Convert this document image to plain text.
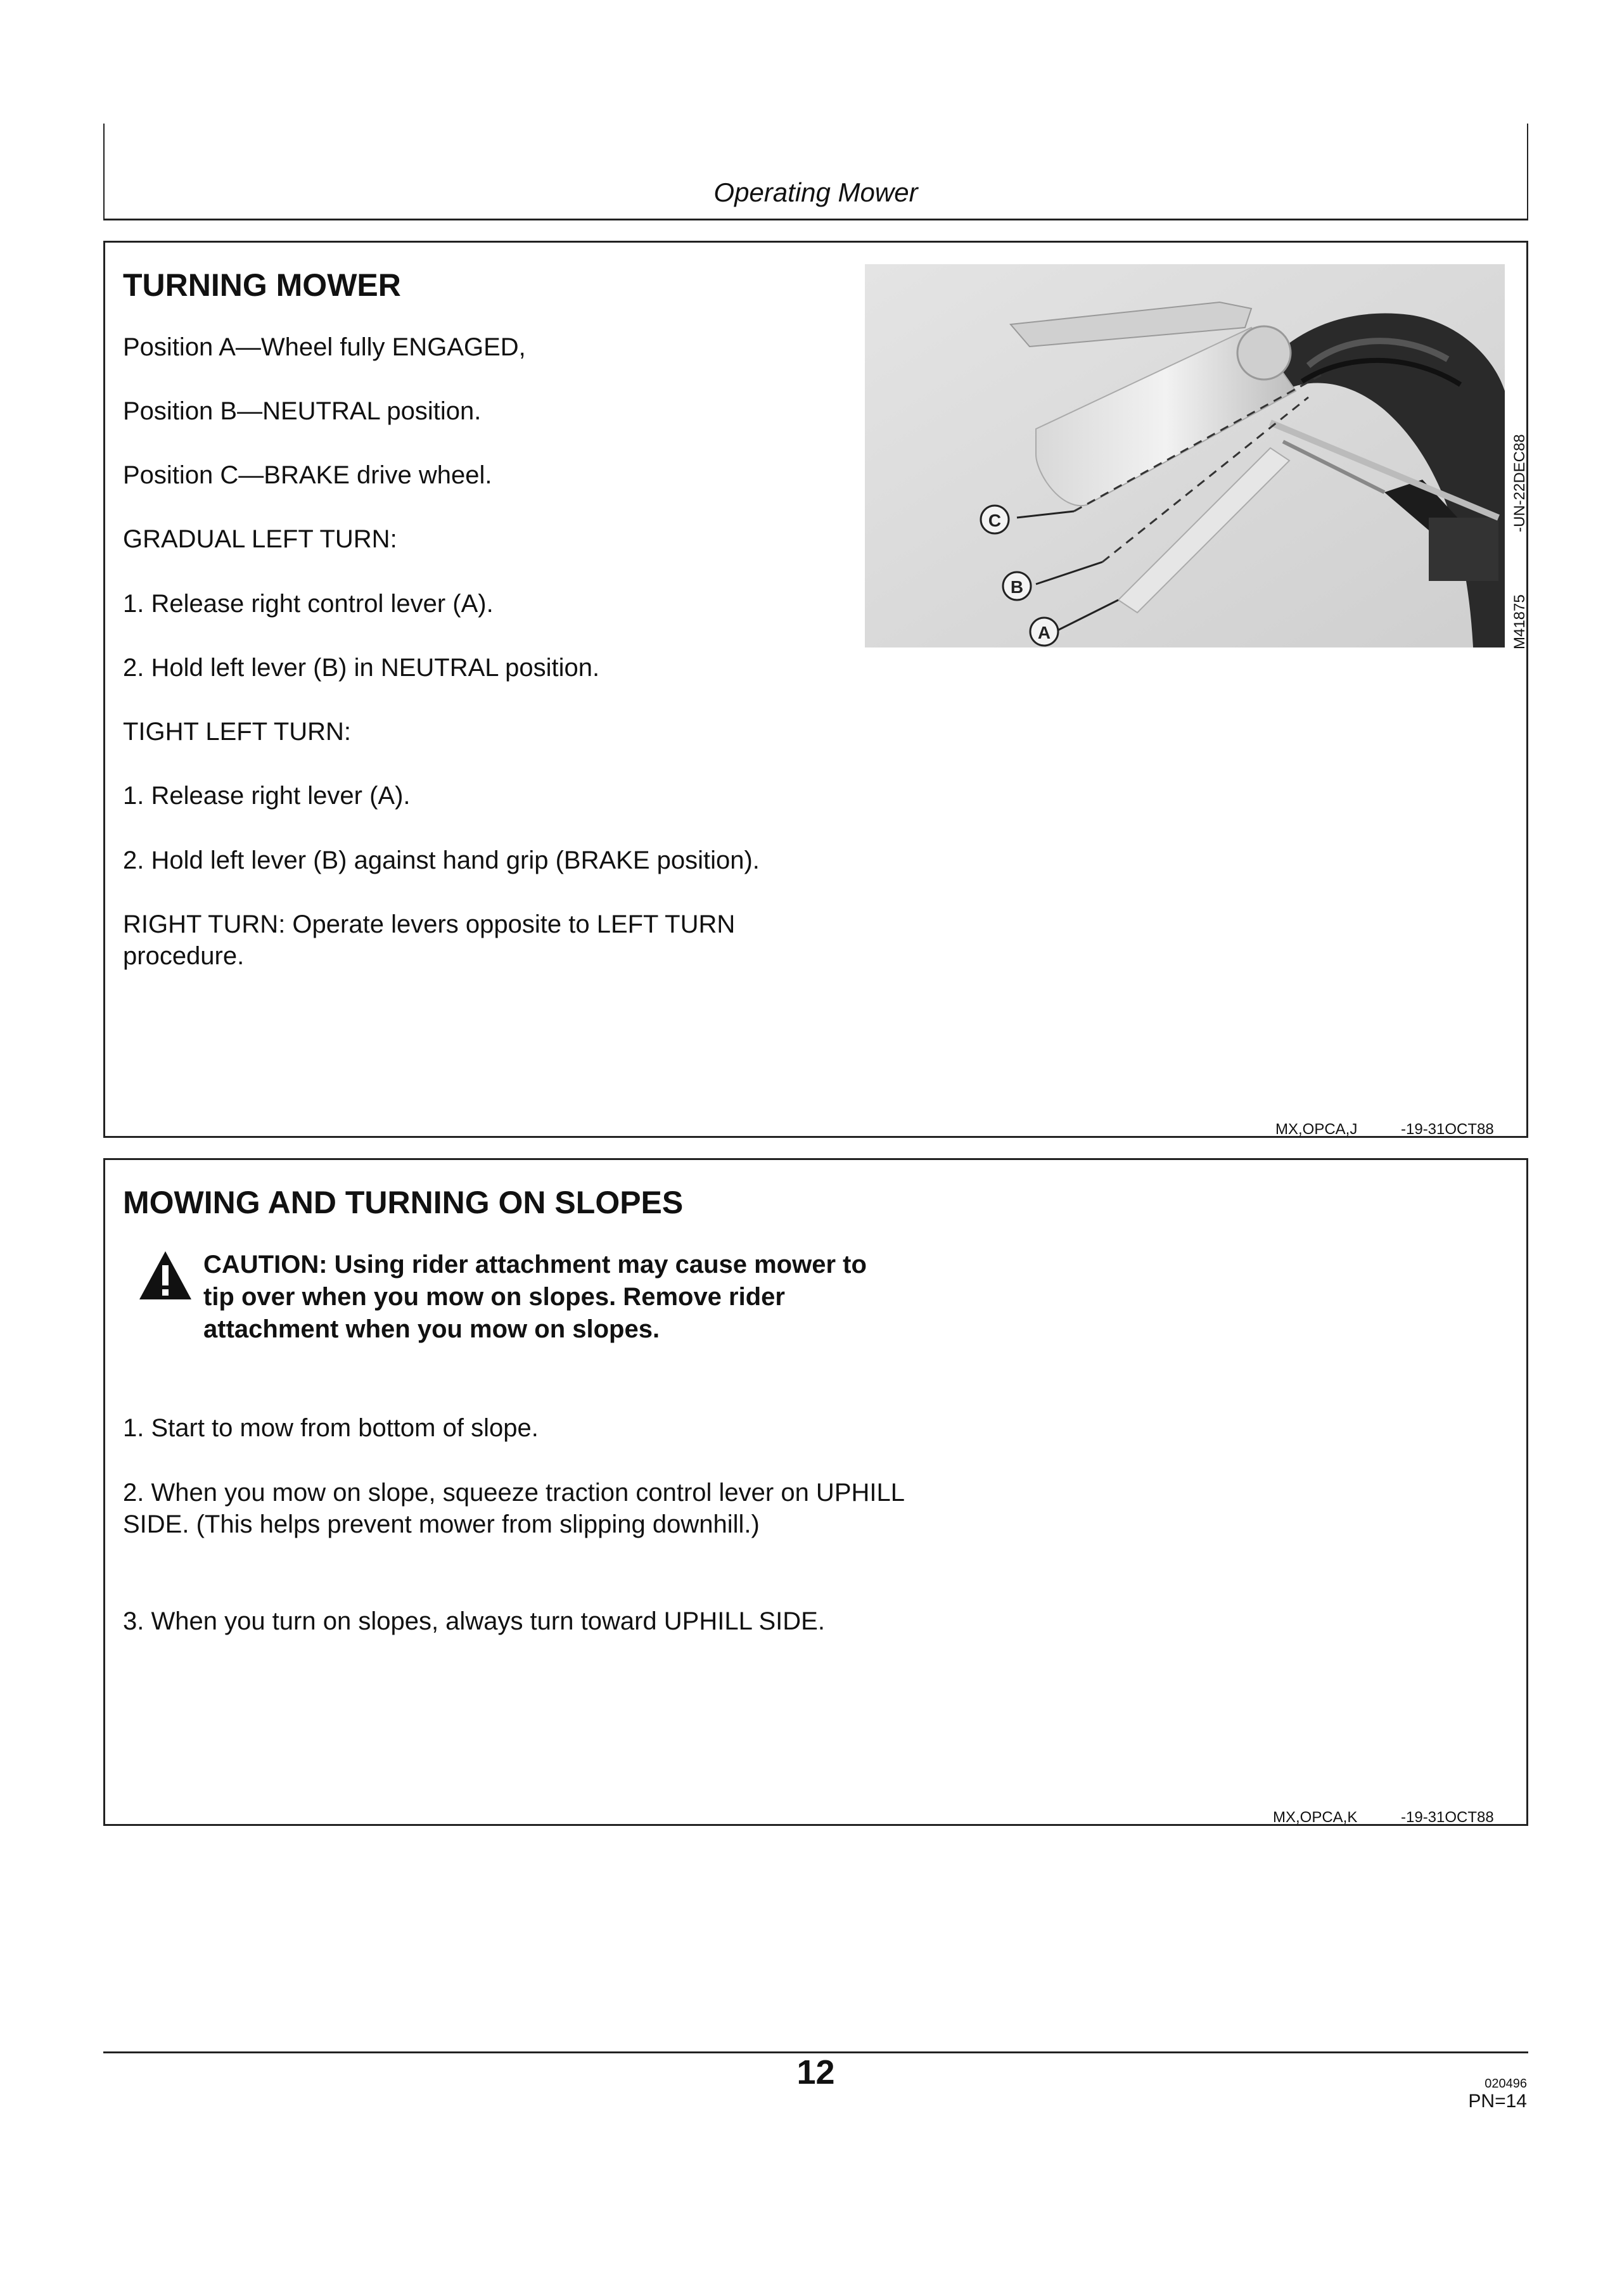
Operating Mower
TURNING MOWER
Position A—Wheel fully ENGAGED,
Position B—NEUTRAL position.
Position C—BRAKE drive wheel.
GRADUAL LEFT TURN:
1. Release right control lever (A).
2. Hold left lever (B) in NEUTRAL position.
TIGHT LEFT TURN:
1. Release right lever (A).
2. Hold left lever (B) against hand grip (BRAKE position).
RIGHT TURN: Operate levers opposite to LEFT TURN procedure.
MX,OPCA,J	-19-31OCT88
C
B
A	M41875
-UN-22DEC88
MOWING AND TURNING ON SLOPES
CAUTION: Using rider attachment may cause mower to tip over when you mow on slopes. Remove rider attachment when you mow on slopes.
1. Start to mow from bottom of slope.
2. When you mow on slope, squeeze traction control lever on UPHILL SIDE. (This helps prevent mower from slipping downhill.)
3. When you turn on slopes, always turn toward UPHILL SIDE.
MX,OPCA,K	-19-31OCT88
12	020496
PN=14
